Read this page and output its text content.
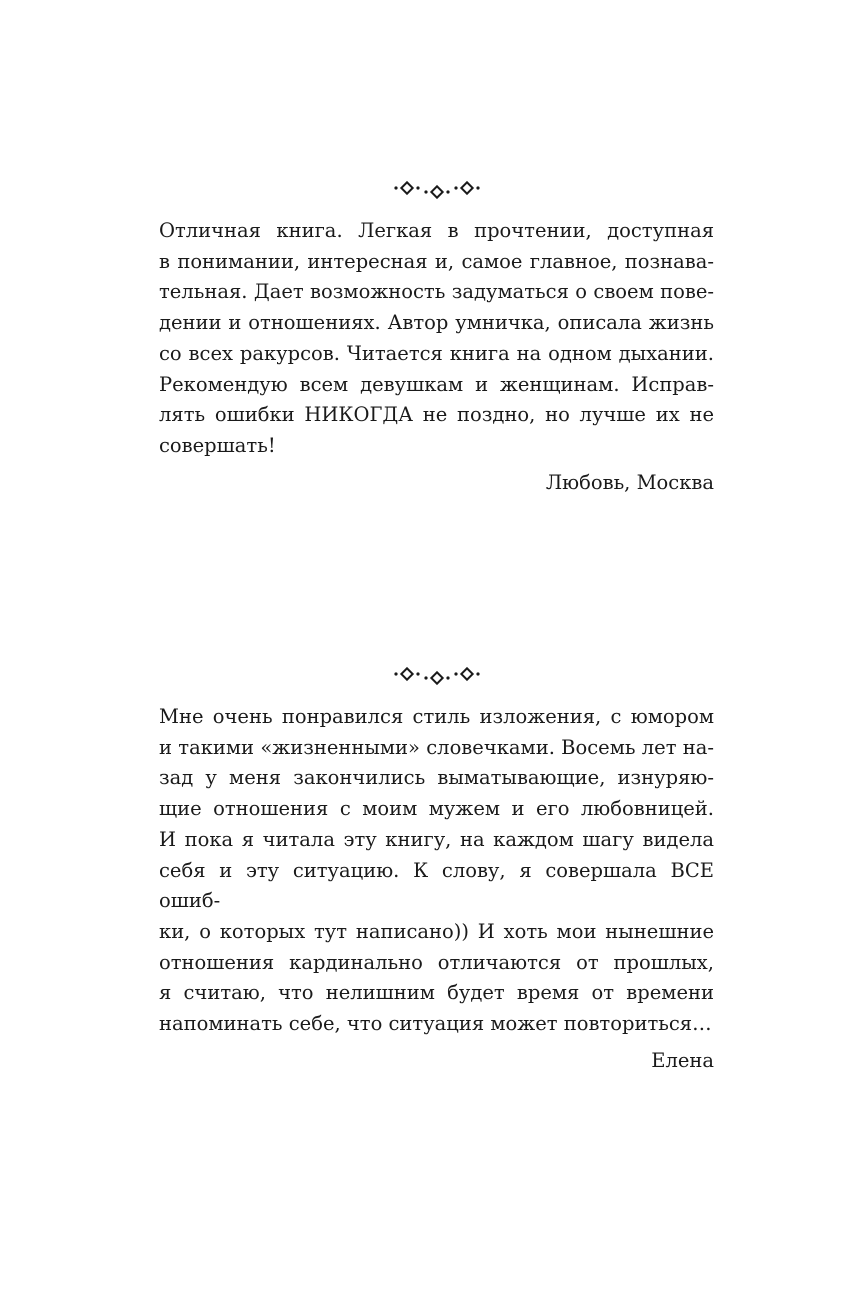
Отличная книга. Легкая в прочтении, доступная
в понимании, интересная и, самое главное, познава-
тельная. Дает возможность задуматься о своем пове-
дении и отношениях. Автор умничка, описала жизнь
со всех ракурсов. Читается книга на одном дыхании.
Рекомендую всем девушкам и женщинам. Исправ-
лять ошибки НИКОГДА не поздно, но лучше их не
совершать!

Любовь, Москва

Мне очень понравился стиль изложения, с юмором
и такими «жизненными» словечками. Восемь лет на-
зад у меня закончились выматывающие, изнуряю-
щие отношения с моим мужем и его любовницей.
И пока я читала эту книгу, на каждом шагу видела
себя и эту ситуацию. К слову, я совершала ВСЕ ошиб-
ки, о которых тут написано)) И хоть мои нынешние
отношения кардинально отличаются от прошлых,
я считаю, что нелишним будет время от времени
напоминать себе, что ситуация может повториться…

Елена
